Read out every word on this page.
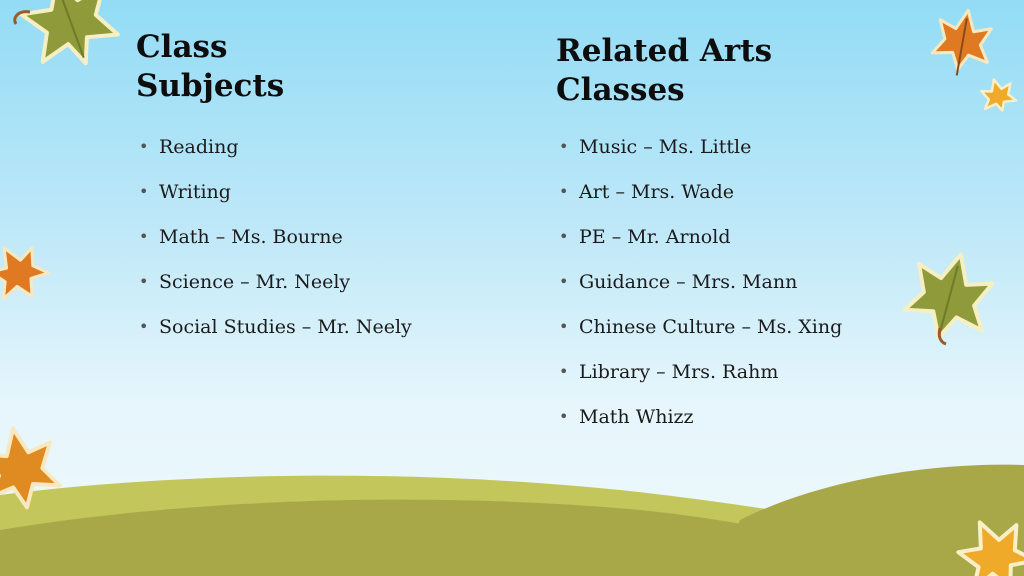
Class
Subjects
• Reading
• Writing
• Math – Ms. Bourne
• Science – Mr. Neely
• Social Studies – Mr. Neely
Related Arts
Classes
• Music – Ms. Little
• Art – Mrs. Wade
• PE – Mr. Arnold
• Guidance – Mrs. Mann
• Chinese Culture – Ms. Xing
• Library – Mrs. Rahm
• Math Whizz
